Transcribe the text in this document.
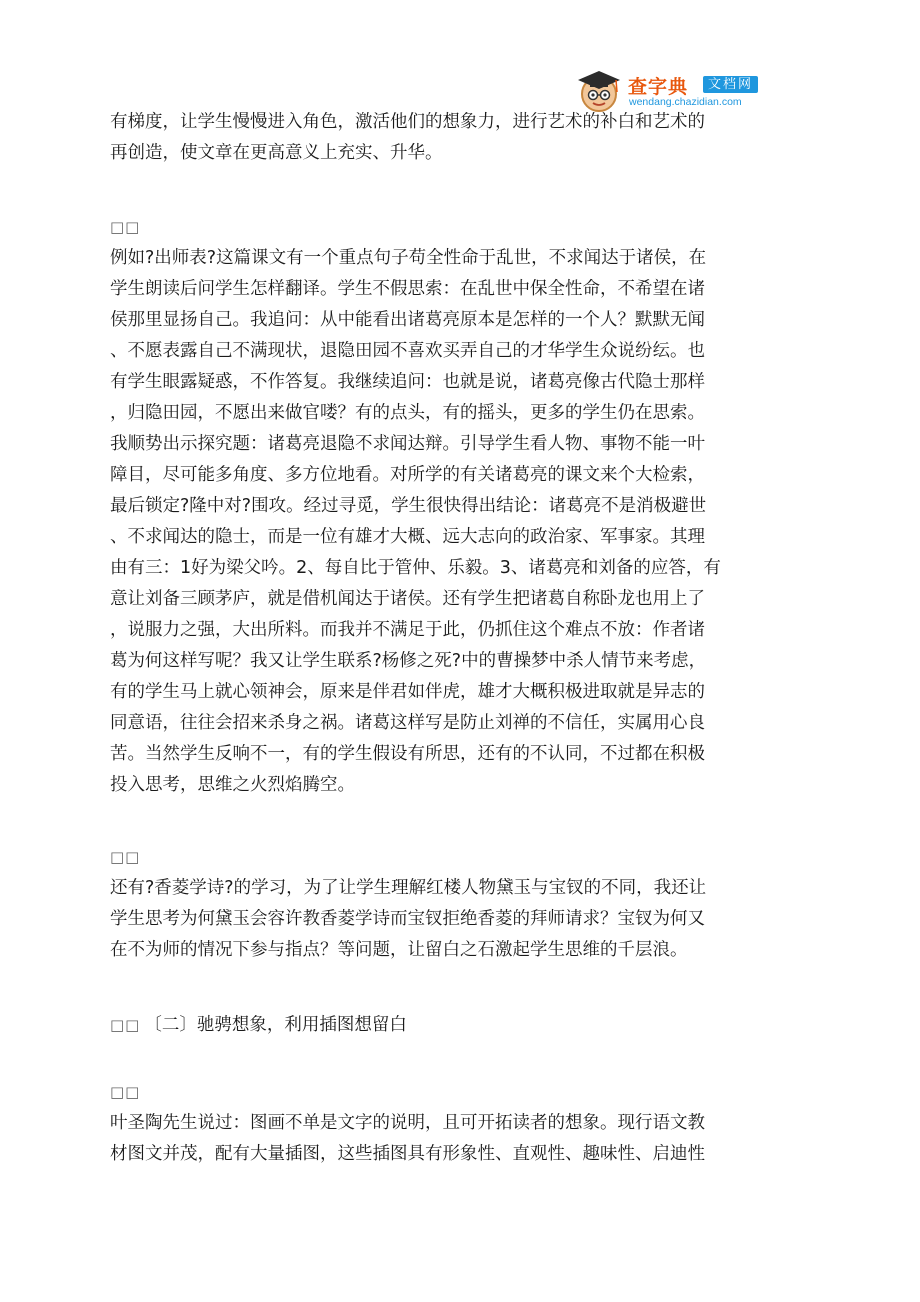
查字典	文档网
wendang.chazidian.com

有梯度，让学生慢慢进入角色，激活他们的想象力，进行艺术的补白和艺术的

再创造，使文章在更高意义上充实、升华。

□□

例如?出师表?这篇课文有一个重点句子苟全性命于乱世，不求闻达于诸侯，在

学生朗读后问学生怎样翻译。学生不假思索：在乱世中保全性命，不希望在诸

侯那里显扬自己。我追问：从中能看出诸葛亮原本是怎样的一个人？默默无闻

、不愿表露自己不满现状，退隐田园不喜欢买弄自己的才华学生众说纷纭。也

有学生眼露疑惑，不作答复。我继续追问：也就是说，诸葛亮像古代隐士那样

，归隐田园，不愿出来做官喽？有的点头，有的摇头，更多的学生仍在思索。

我顺势出示探究题：诸葛亮退隐不求闻达辩。引导学生看人物、事物不能一叶

障目，尽可能多角度、多方位地看。对所学的有关诸葛亮的课文来个大检索，

最后锁定?隆中对?围攻。经过寻觅，学生很快得出结论：诸葛亮不是消极避世

、不求闻达的隐士，而是一位有雄才大概、远大志向的政治家、军事家。其理

由有三：1好为梁父吟。2、每自比于管仲、乐毅。3、诸葛亮和刘备的应答，有

意让刘备三顾茅庐，就是借机闻达于诸侯。还有学生把诸葛自称卧龙也用上了

，说服力之强，大出所料。而我并不满足于此，仍抓住这个难点不放：作者诸

葛为何这样写呢？我又让学生联系?杨修之死?中的曹操梦中杀人情节来考虑，

有的学生马上就心领神会，原来是伴君如伴虎，雄才大概积极进取就是异志的

同意语，往往会招来杀身之祸。诸葛这样写是防止刘禅的不信任，实属用心良

苦。当然学生反响不一，有的学生假设有所思，还有的不认同，不过都在积极

投入思考，思维之火烈焰腾空。

□□

还有?香菱学诗?的学习，为了让学生理解红楼人物黛玉与宝钗的不同，我还让

学生思考为何黛玉会容许教香菱学诗而宝钗拒绝香菱的拜师请求？宝钗为何又

在不为师的情况下参与指点？等问题，让留白之石激起学生思维的千层浪。

□□ 〔二〕驰骋想象，利用插图想留白
□□

叶圣陶先生说过：图画不单是文字的说明，且可开拓读者的想象。现行语文教

材图文并茂，配有大量插图，这些插图具有形象性、直观性、趣味性、启迪性
